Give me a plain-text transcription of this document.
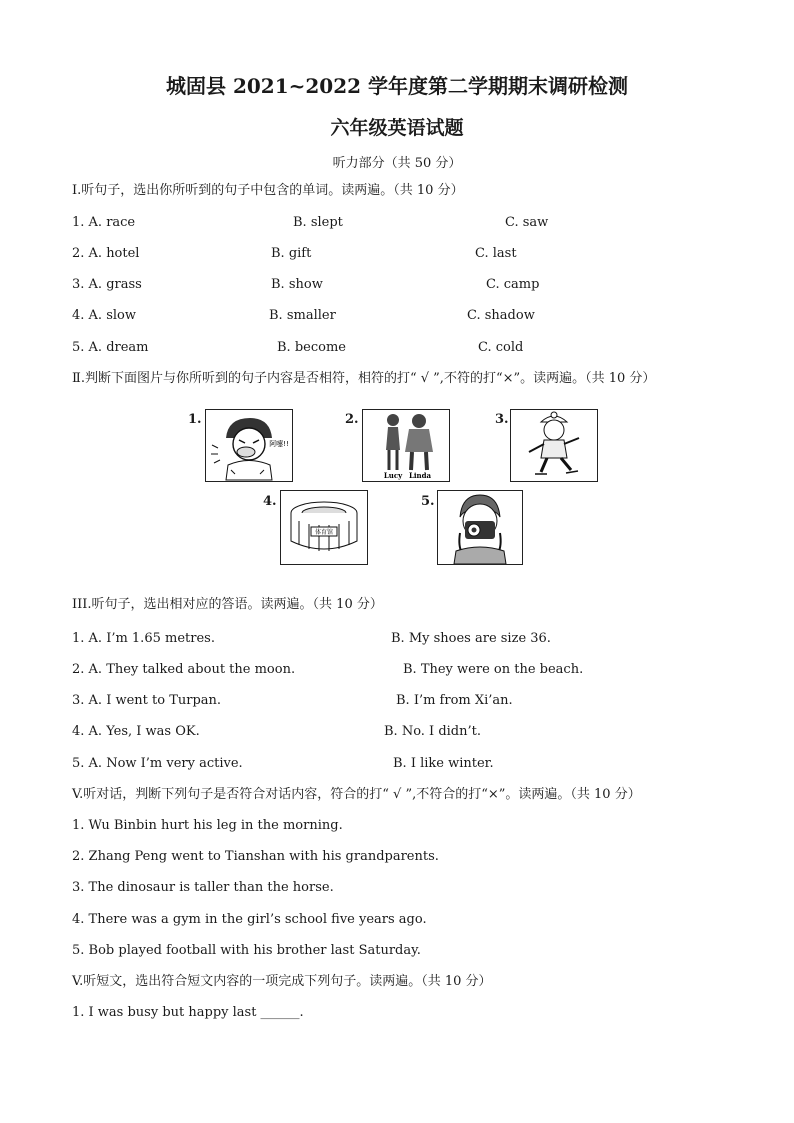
城固县 2021~2022 学年度第二学期期末调研检测
六年级英语试题
听力部分（共 50 分）
I.听句子，选出你所听到的句子中包含的单词。读两遍。（共 10 分）
1. A. race	B. slept	C. saw
2. A. hotel	B. gift	C. last
3. A. grass	B. show	C. camp
4. A. slow	B. smaller	C. shadow
5. A. dream	B. become	C. cold
Ⅱ.判断下面图片与你所听到的句子内容是否相符，相符的打“ √ ”,不符的打“×”。读两遍。（共 10 分）
1.
阿嚏!!
2.
Lucy Linda
3.
4.
体育馆
5.
III.听句子，选出相对应的答语。读两遍。（共 10 分）
1. A. I’m 1.65 metres.	B. My shoes are size 36.
2. A. They talked about the moon.	B. They were on the beach.
3. A. I went to Turpan.	B. I’m from Xi’an.
4. A. Yes, I was OK.	B. No. I didn’t.
5. A. Now I’m very active.	B. I like winter.
V.听对话，判断下列句子是否符合对话内容，符合的打“ √ ”,不符合的打“×”。读两遍。（共 10 分）
1. Wu Binbin hurt his leg in the morning.
2. Zhang Peng went to Tianshan with his grandparents.
3. The dinosaur is taller than the horse.
4. There was a gym in the girl’s school five years ago.
5. Bob played football with his brother last Saturday.
V.听短文，选出符合短文内容的一项完成下列句子。读两遍。（共 10 分）
1. I was busy but happy last ______.
